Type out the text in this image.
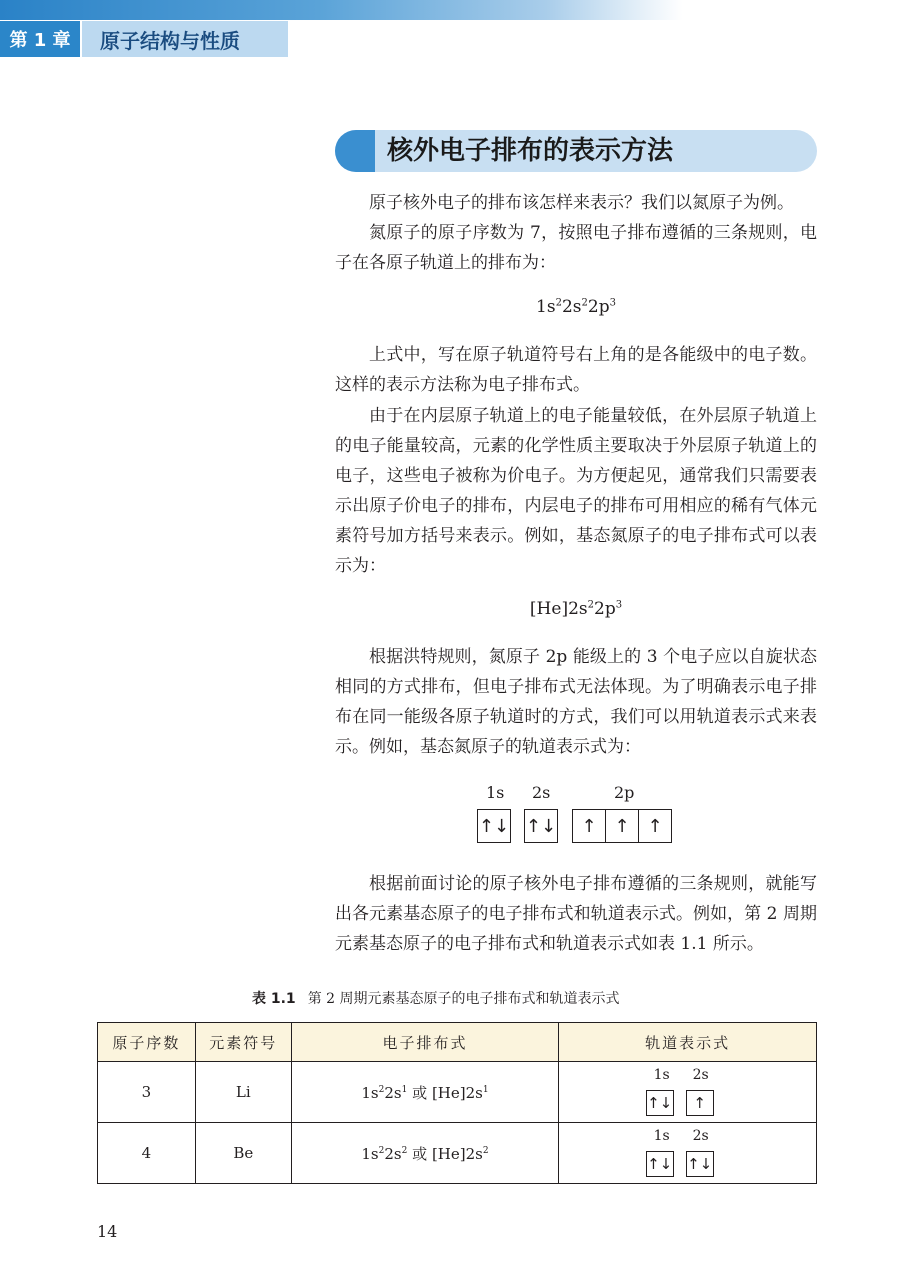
第 1 章	原子结构与性质
核外电子排布的表示方法

原子核外电子的排布该怎样来表示？我们以氮原子为例。

氮原子的原子序数为 7，按照电子排布遵循的三条规则，电子在各原子轨道上的排布为：

$1s^22s^22p^3$

上式中，写在原子轨道符号右上角的是各能级中的电子数。这样的表示方法称为电子排布式。

由于在内层原子轨道上的电子能量较低，在外层原子轨道上的电子能量较高，元素的化学性质主要取决于外层原子轨道上的电子，这些电子被称为价电子。为方便起见，通常我们只需要表示出原子价电子的排布，内层电子的排布可用相应的稀有气体元素符号加方括号来表示。例如，基态氮原子的电子排布式可以表示为：

$[He]2s^22p^3$

根据洪特规则，氮原子 2p 能级上的 3 个电子应以自旋状态相同的方式排布，但电子排布式无法体现。为了明确表示电子排布在同一能级各原子轨道时的方式，我们可以用轨道表示式来表示。例如，基态氮原子的轨道表示式为：

1s 2s	2p
↑↓ ↑↓	↑ ↑ ↑

根据前面讨论的原子核外电子排布遵循的三条规则，就能写出各元素基态原子的电子排布式和轨道表示式。例如，第 2 周期元素基态原子的电子排布式和轨道表示式如表 1.1 所示。

表 1.1 第 2 周期元素基态原子的电子排布式和轨道表示式
原子序数	元素符号	电子排布式	轨道表示式
3	Li	$1s^22s^1$ 或 $[He]2s^1$	1s 2s
↑↓ ↑

4	Be	$1s^22s^2$ 或 $[He]2s^2$	1s 2s
↑↓ ↑↓
14
